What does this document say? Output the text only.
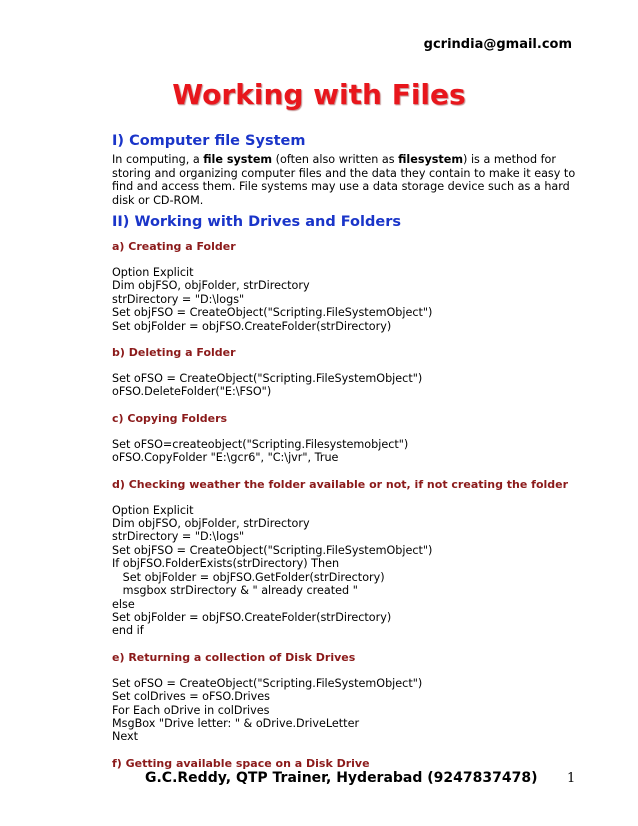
gcrindia@gmail.com
Working with Files
I) Computer file System

In computing, a file system (often also written as filesystem) is a method for storing and organizing computer files and the data they contain to make it easy to find and access them. File systems may use a data storage device such as a hard disk or CD-ROM.

II) Working with Drives and Folders
a) Creating a Folder
Option Explicit
Dim objFSO, objFolder, strDirectory
strDirectory = "D:\logs"
Set objFSO = CreateObject("Scripting.FileSystemObject")
Set objFolder = objFSO.CreateFolder(strDirectory)
b) Deleting a Folder
Set oFSO = CreateObject("Scripting.FileSystemObject")
oFSO.DeleteFolder("E:\FSO")
c) Copying Folders
Set oFSO=createobject("Scripting.Filesystemobject")
oFSO.CopyFolder "E:\gcr6", "C:\jvr", True
d) Checking weather the folder available or not, if not creating the folder
Option Explicit
Dim objFSO, objFolder, strDirectory
strDirectory = "D:\logs"
Set objFSO = CreateObject("Scripting.FileSystemObject")
If objFSO.FolderExists(strDirectory) Then
Set objFolder = objFSO.GetFolder(strDirectory)
msgbox strDirectory & " already created "
else
Set objFolder = objFSO.CreateFolder(strDirectory)
end if
e) Returning a collection of Disk Drives
Set oFSO = CreateObject("Scripting.FileSystemObject")
Set colDrives = oFSO.Drives
For Each oDrive in colDrives
MsgBox "Drive letter: " & oDrive.DriveLetter
Next
f) Getting available space on a Disk Drive
G.C.Reddy, QTP Trainer, Hyderabad (9247837478) 1
